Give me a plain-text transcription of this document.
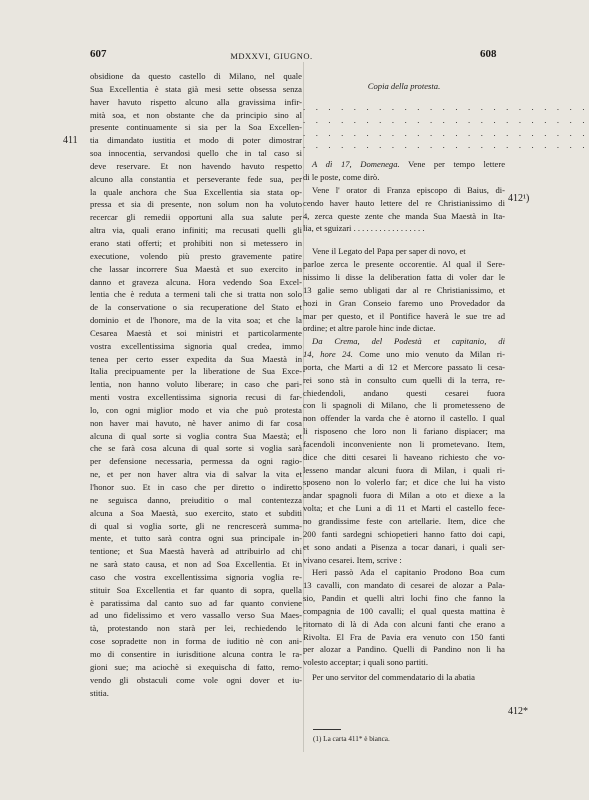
607	MDXXVI, GIUGNO.	608
411
412¹)
412*
obsidione da questo castello di Milano, nel quale
Sua Excellentia è stata già mesi sette obsessa senza
haver havuto rispetto alcuno alla gravissima infir-
mità soa, et non obstante che da principio sino al
presente continuamente si sia per la Soa Excellen-
tia dimandato iustitia et modo di poter dimostrar
soa innocentia, servandosi quello che in tal caso si
deve reservare. Et non havendo havuto respetto
alcuno alla constantia et perseverante fede sua, per
la quale anchora che Sua Excellentia sia stata op-
pressa et sia di presente, non solum non ha voluto
recercar gli remedii opportuni alla sua salute per
altra via, quali erano infiniti; ma recusati quelli gli
erano stati offerti; et prohibiti non si metessero in
executione, volendo più presto gravemente patire
che lassar incorrere Sua Maestà et suo exercito in
danno et graveza alcuna. Hora vedendo Soa Excel-
lentia che è reduta a termeni tali che si tratta non solo
de la conservatione o sia recuperatione del Stato et
dominio et de l'honore, ma de la vita soa; et che la
Cesarea Maestà et soi ministri et particolarmente
vostra excellentissima signoria qual credea, immo
tenea per certo esser expedita da Sua Maestà in
Italia precipuamente per la liberatione de Sua Exce-
lentia, non hanno voluto liberare; in caso che pari-
menti vostra excellentissima signoria recusi di far-
lo, con ogni miglior modo et via che può protesta
non haver mai havuto, nè haver animo di far cosa
alcuna di qual sorte si voglia contra Sua Maestà; et
che se farà cosa alcuna di qual sorte si voglia sarà
per defensione necessaria, permessa da ogni ragio-
ne, et per non haver altra via di salvar la vita et
l'honor suo. Et in caso che per diretto o indiretto
ne seguisca danno, preiuditio o mal contentezza
alcuna a Soa Maestà, suo exercito, stato et subditi
di qual si voglia sorte, gli ne rencrescerà summa-
mente, et tutto sarà contra ogni sua principale in-
tentione; et Sua Maestà haverà ad attribuirlo ad chi
ne sarà stato causa, et non ad Soa Excellentia. Et in
caso che vostra excellentissima signoria voglia re-
stituir Soa Excellentia et far quanto di sopra, quella
è paratissima dal canto suo ad far quanto conviene
ad uno fidelissimo et vero vassallo verso Sua Maes-
tà, protestando non starà per lei, rechiedendo le
cose sopradette non in forma de iuditio nè con ani-
mo di consentire in iurisditione alcuna contra le ra-
gioni sue; ma aciochè si exequischa di fatto, remo-
vendo gli obstaculi come vole ogni dover et iu-
stitia.
Copia della protesta.
. . . . . . . . . . . . . . . . . . . . . . .
. . . . . . . . . . . . . . . . . . . . . . .
. . . . . . . . . . . . . . . . . . . . . . .
. . . . . . . . . . . . . . . . . . . . . . .
A dì 17, Domenega. Vene per tempo lettere
di le poste, come dirò.
Vene l' orator di Franza episcopo di Baius, di-
cendo haver hauto lettere del re Christianissimo di
4, zerca queste zente che manda Sua Maestà in Ita-
lia, et sguizari . . . . . . . . . . . . . . . . .
Vene il Legato del Papa per saper di novo, et
parloe zerca le presente occorentie. Al qual il Sere-
nissimo li disse la deliberation fatta di voler dar le
13 galie semo ubligati dar al re Christianissimo, et
hozi in Gran Conseio faremo uno Provedador da
mar per questo, et il Pontifice haverà le sue tre ad
ordine; et altre parole hinc inde dictae.
Da Crema, del Podestà et capitanio, di
14, hore 24. Come uno mio venuto da Milan ri-
porta, che Marti a dì 12 et Mercore passato li cesa-
rei sono stà in consulto cum quelli di la terra, re-
chiedendoli, andano questi cesarei fuora
con li spagnoli di Milano, che li prometesseno de
non offender la varda che è atorno il castello. I qual
li risposeno che loro non li fariano dispiacer; ma
facendoli inconveniente non li prometevano. Item,
dice che ditti cesarei li haveano richiesto che vo-
lesseno mandar alcuni fuora di Milan, i quali ri-
sposeno non lo volerlo far; et dice che lui ha visto
andar spagnoli fuora di Milan a oto et diexe a la
volta; et che Luni a dì 11 et Marti el castello fece-
no grandissime feste con artellarie. Item, dice che
200 fanti sardegni schiopetieri hanno fatto doi capi,
et sono andati a Pisenza a tocar danari, i quali ser-
vivano cesarei. Item, scrive :
Heri passò Ada el capitanio Prodono Boa cum
13 cavalli, con mandato di cesarei de alozar a Pala-
sio, Pandin et quelli altri lochi fino che fanno la
compagnia de 100 cavalli; el qual questa mattina è
ritornato di là di Ada con alcuni fanti che erano a
Rivolta. El Fra de Pavia era venuto con 150 fanti
per alozar a Pandino. Quelli di Pandino non li ha
volesto acceptar; i quali sono partiti.
Per uno servitor del commendatario di la abatia
(1) La carta 411* è bianca.
